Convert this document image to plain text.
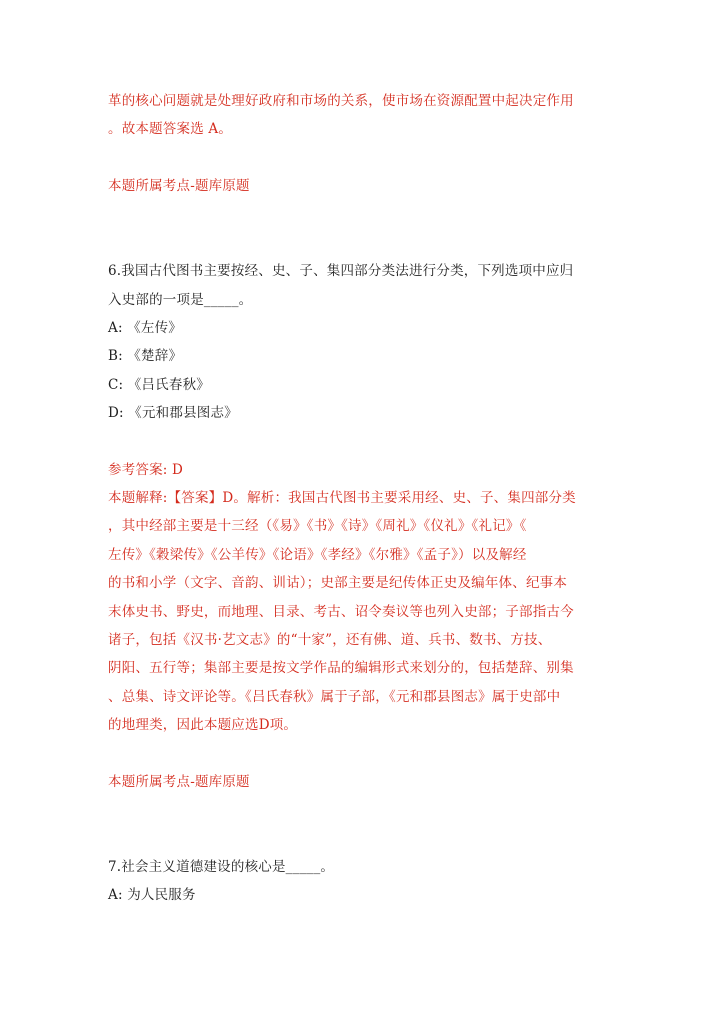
革的核心问题就是处理好政府和市场的关系，使市场在资源配置中起决定作用
。故本题答案选 A。
本题所属考点-题库原题
6.我国古代图书主要按经、史、子、集四部分类法进行分类，下列选项中应归
入史部的一项是_____。
A: 《左传》
B: 《楚辞》
C: 《吕氏春秋》
D: 《元和郡县图志》
参考答案: D
本题解释:【答案】D。解析：我国古代图书主要采用经、史、子、集四部分类
，其中经部主要是十三经（《易》《书》《诗》《周礼》《仪礼》《礼记》《
左传》《穀梁传》《公羊传》《论语》《孝经》《尔雅》《孟子》）以及解经
的书和小学（文字、音韵、训诂）；史部主要是纪传体正史及编年体、纪事本
末体史书、野史，而地理、目录、考古、诏令奏议等也列入史部；子部指古今
诸子，包括《汉书·艺文志》的“十家”，还有佛、道、兵书、数书、方技、
阴阳、五行等；集部主要是按文学作品的编辑形式来划分的，包括楚辞、别集
、总集、诗文评论等。《吕氏春秋》属于子部，《元和郡县图志》属于史部中
的地理类，因此本题应选D项。
本题所属考点-题库原题
7.社会主义道德建设的核心是_____。
A: 为人民服务
